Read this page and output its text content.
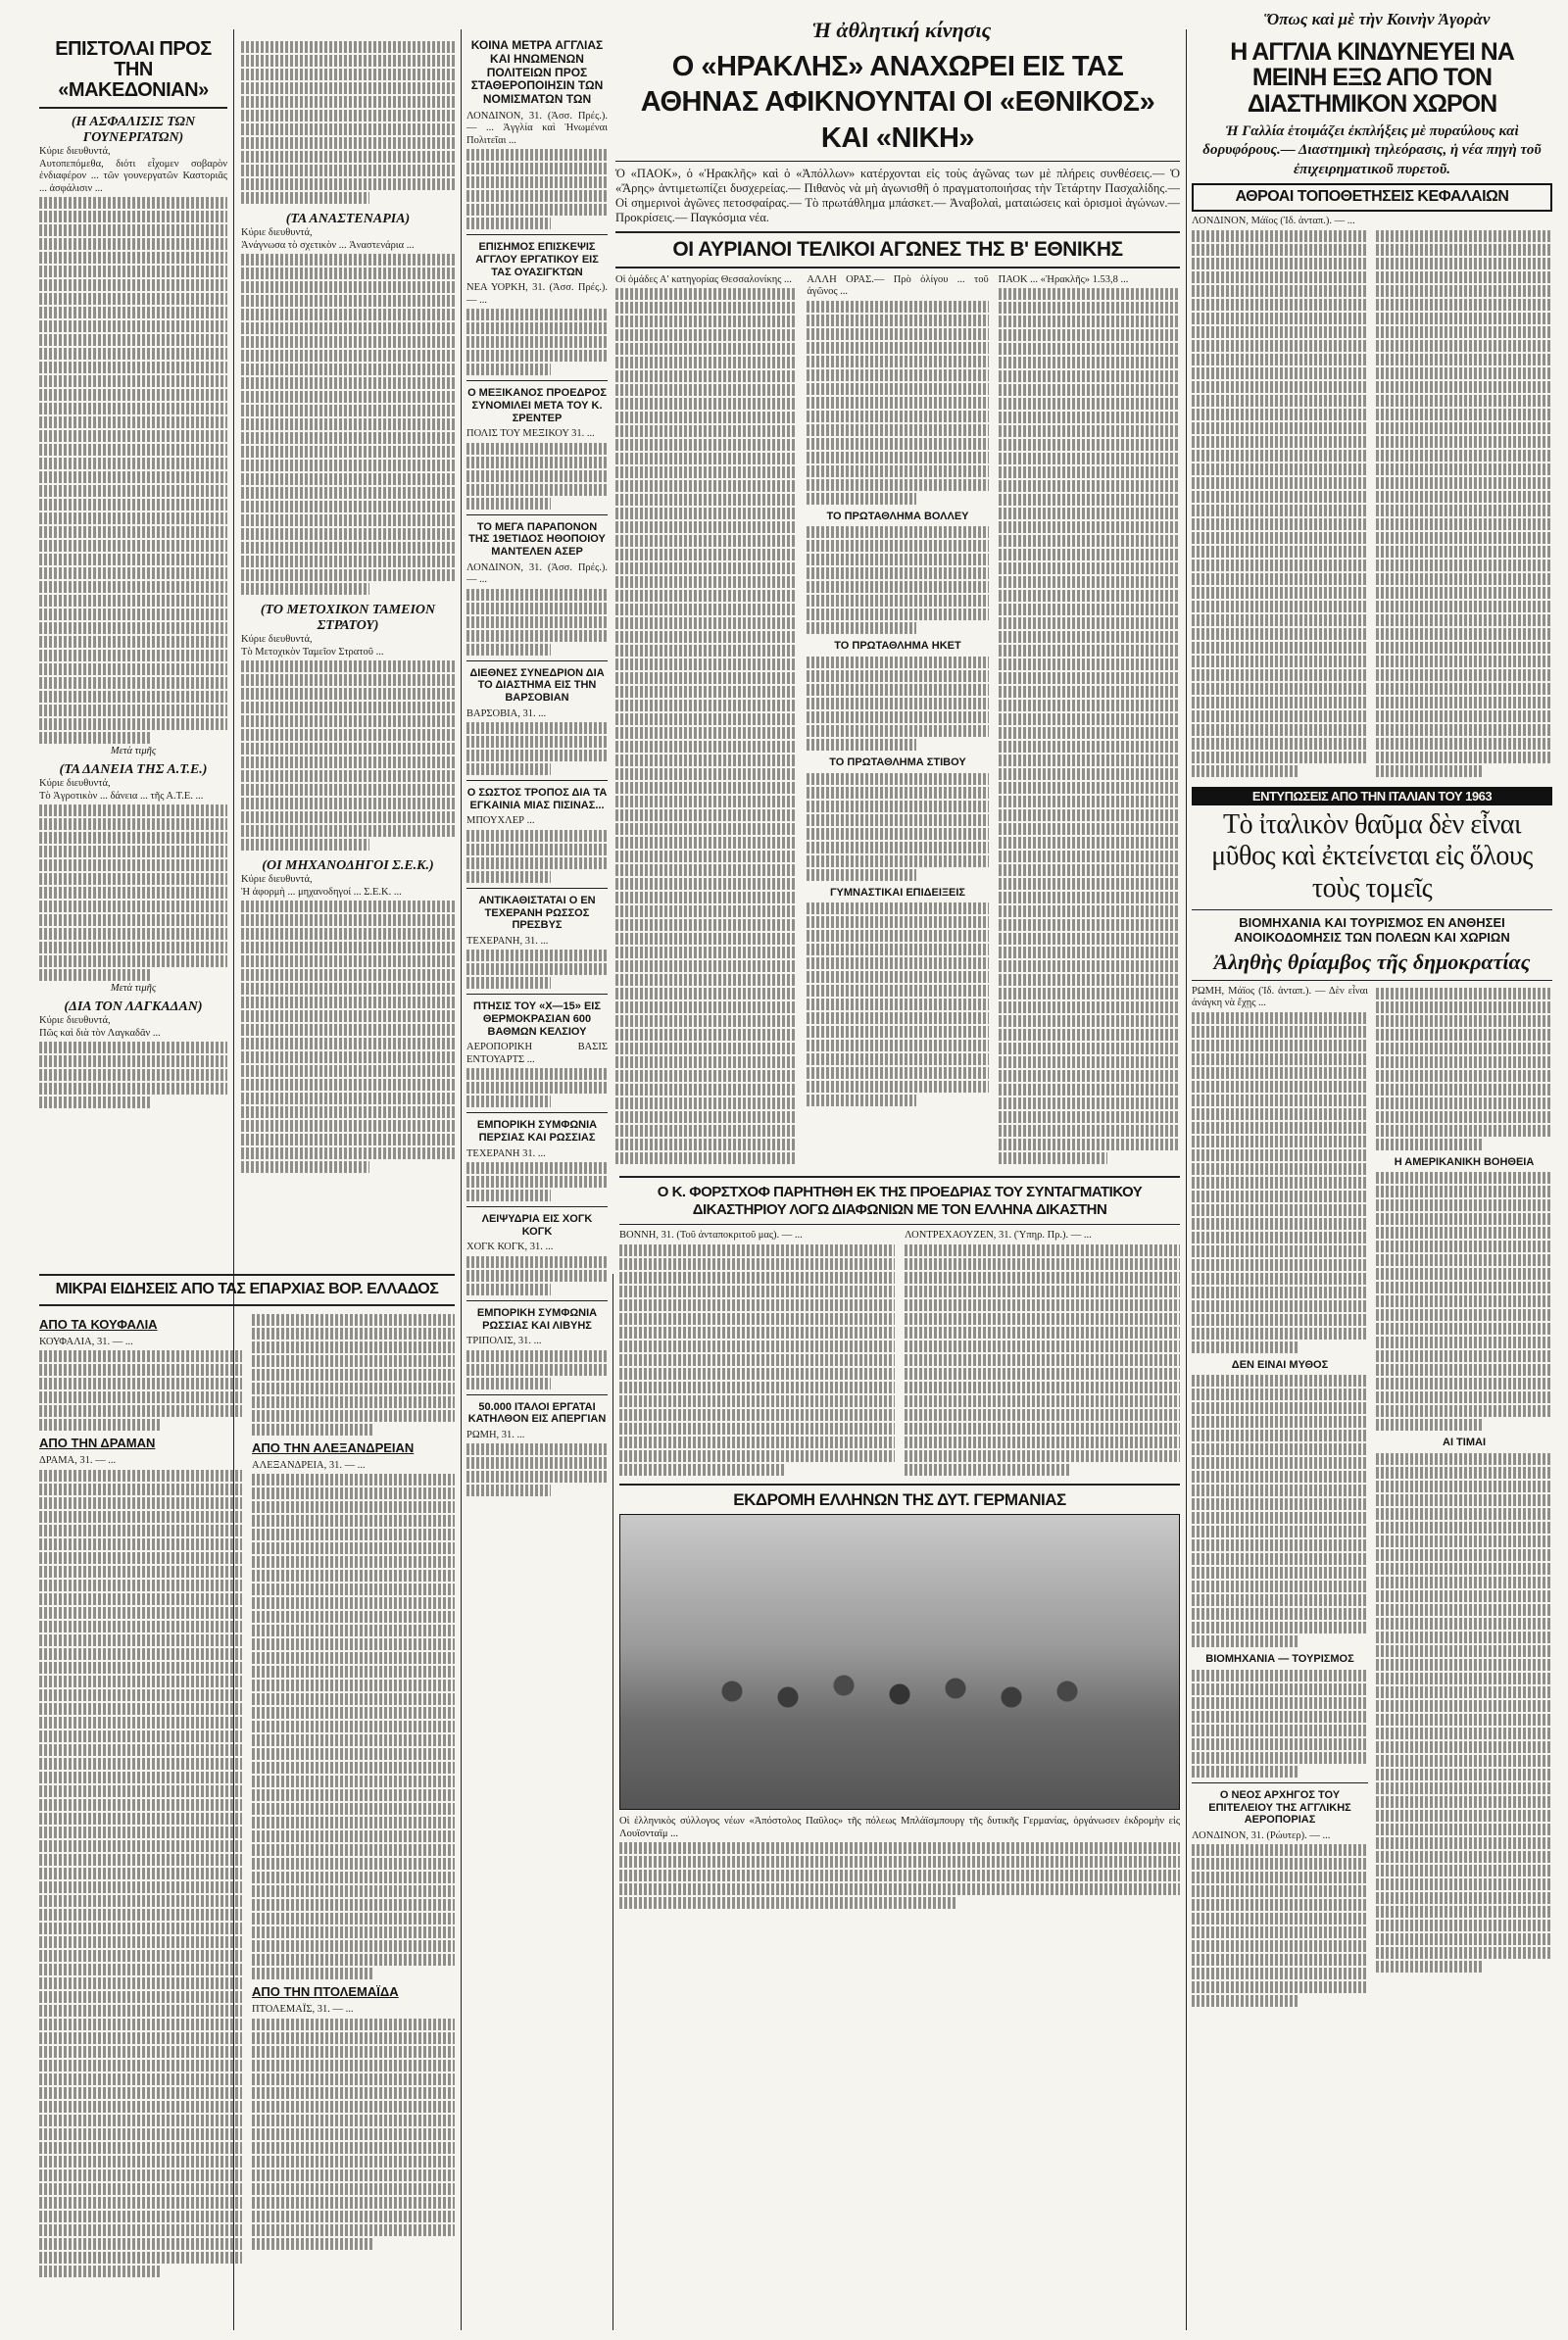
Ἡ ἀθλητική κίνησις	Ὅπως καὶ μὲ τὴν Κοινὴν Ἀγορὰν
ΕΠΙΣΤΟΛΑΙ ΠΡΟΣ ΤΗΝ «ΜΑΚΕΔΟΝΙΑΝ»
(Η ΑΣΦΑΛΙΣΙΣ ΤΩΝ ΓΟΥΝΕΡΓΑΤΩΝ)
Κύριε διευθυντά,
Αυτοπεπόμεθα, διότι εἶχομεν σοβαρὸν ἐνδιαφέρον ... τῶν γουνεργατῶν Καστοριᾶς ... ἀσφάλισιν ...
Μετὰ τιμῆς
(ΤΑ ΔΑΝΕΙΑ ΤΗΣ Α.Τ.Ε.)
Κύριε διευθυντά,
Τὸ Ἀγροτικὸν ... δάνεια ... τῆς Α.Τ.Ε. ...
Μετὰ τιμῆς
(ΔΙΑ ΤΟΝ ΛΑΓΚΑΔΑΝ)
Κύριε διευθυντά,
Πῶς καὶ διὰ τὸν Λαγκαδᾶν ...
(ΤΑ ΑΝΑΣΤΕΝΑΡΙΑ)
Κύριε διευθυντά,
Ἀνάγνωσα τὸ σχετικὸν ... Ἀναστενάρια ...
(ΤΟ ΜΕΤΟΧΙΚΟΝ ΤΑΜΕΙΟΝ ΣΤΡΑΤΟΥ)
Κύριε διευθυντά,
Τὸ Μετοχικὸν Ταμεῖον Στρατοῦ ...
(ΟΙ ΜΗΧΑΝΟΔΗΓΟΙ Σ.Ε.Κ.)
Κύριε διευθυντά,
Ἡ ἀφορμὴ ... μηχανοδηγοί ... Σ.Ε.Κ. ...
ΚΟΙΝΑ ΜΕΤΡΑ ΑΓΓΛΙΑΣ ΚΑΙ ΗΝΩΜΕΝΩΝ ΠΟΛΙΤΕΙΩΝ ΠΡΟΣ ΣΤΑΘΕΡΟΠΟΙΗΣΙΝ ΤΩΝ ΝΟΜΙΣΜΑΤΩΝ ΤΩΝ
ΛΟΝΔΙΝΟΝ, 31. (Ἀσσ. Πρές.). — ... Ἀγγλία καὶ Ἡνωμέναι Πολιτεῖαι ...
ΕΠΙΣΗΜΟΣ ΕΠΙΣΚΕΨΙΣ ΑΓΓΛΟΥ ΕΡΓΑΤΙΚΟΥ ΕΙΣ ΤΑΣ ΟΥΑΣΙΓΚΤΩΝ
ΝΕΑ ΥΟΡΚΗ, 31. (Ἀσσ. Πρές.). — ...
Ο ΜΕΞΙΚΑΝΟΣ ΠΡΟΕΔΡΟΣ ΣΥΝΟΜΙΛΕΙ ΜΕΤΑ ΤΟΥ Κ. ΣΡΕΝΤΕΡ
ΠΟΛΙΣ ΤΟΥ ΜΕΞΙΚΟΥ 31. ...
ΤΟ ΜΕΓΑ ΠΑΡΑΠΟΝΟΝ ΤΗΣ 19ΕΤΙΔΟΣ ΗΘΟΠΟΙΟΥ ΜΑΝΤΕΛΕΝ ΑΣΕΡ
ΛΟΝΔΙΝΟΝ, 31. (Ἀσσ. Πρές.). — ...
ΔΙΕΘΝΕΣ ΣΥΝΕΔΡΙΟΝ ΔΙΑ ΤΟ ΔΙΑΣΤΗΜΑ ΕΙΣ ΤΗΝ ΒΑΡΣΟΒΙΑΝ
ΒΑΡΣΟΒΙΑ, 31. ...
Ο ΣΩΣΤΟΣ ΤΡΟΠΟΣ ΔΙΑ ΤΑ ΕΓΚΑΙΝΙΑ ΜΙΑΣ ΠΙΣΙΝΑΣ...
ΜΠΟΥΧΛΕΡ ...
ΑΝΤΙΚΑΘΙΣΤΑΤΑΙ Ο ΕΝ ΤΕΧΕΡΑΝΗ ΡΩΣΣΟΣ ΠΡΕΣΒΥΣ
ΤΕΧΕΡΑΝΗ, 31. ...
ΠΤΗΣΙΣ ΤΟΥ «Χ—15» ΕΙΣ ΘΕΡΜΟΚΡΑΣΙΑΝ 600 ΒΑΘΜΩΝ ΚΕΛΣΙΟΥ
ΑΕΡΟΠΟΡΙΚΗ ΒΑΣΙΣ ΕΝΤΟΥΑΡΤΣ ...
ΕΜΠΟΡΙΚΗ ΣΥΜΦΩΝΙΑ ΠΕΡΣΙΑΣ ΚΑΙ ΡΩΣΣΙΑΣ
ΤΕΧΕΡΑΝΗ 31. ...
ΛΕΙΨΥΔΡΙΑ ΕΙΣ ΧΟΓΚ ΚΟΓΚ
ΧΟΓΚ ΚΟΓΚ, 31. ...
ΕΜΠΟΡΙΚΗ ΣΥΜΦΩΝΙΑ ΡΩΣΣΙΑΣ ΚΑΙ ΛΙΒΥΗΣ
ΤΡΙΠΟΛΙΣ, 31. ...
50.000 ΙΤΑΛΟΙ ΕΡΓΑΤΑΙ ΚΑΤΗΛΘΟΝ ΕΙΣ ΑΠΕΡΓΙΑΝ
ΡΩΜΗ, 31. ...
ΜΙΚΡΑΙ ΕΙΔΗΣΕΙΣ ΑΠΟ ΤΑΣ ΕΠΑΡΧΙΑΣ ΒΟΡ. ΕΛΛΑΔΟΣ
ΑΠΟ ΤΑ ΚΟΥΦΑΛΙΑ
ΚΟΥΦΑΛΙΑ, 31. — ...
ΑΠΟ ΤΗΝ ΔΡΑΜΑΝ
ΔΡΑΜΑ, 31. — ...
ΑΠΟ ΤΗΝ ΑΛΕΞΑΝΔΡΕΙΑΝ
ΑΛΕΞΑΝΔΡΕΙΑ, 31. — ...
ΑΠΟ ΤΗΝ ΠΤΟΛΕΜΑΪΔΑ
ΠΤΟΛΕΜΑΪΣ, 31. — ...
Ο «ΗΡΑΚΛΗΣ» ΑΝΑΧΩΡΕΙ ΕΙΣ ΤΑΣ ΑΘΗΝΑΣ ΑΦΙΚΝΟΥΝΤΑΙ ΟΙ «ΕΘΝΙΚΟΣ» ΚΑΙ «ΝΙΚΗ»
Ὁ «ΠΑΟΚ», ὁ «Ἡρακλῆς» καὶ ὁ «Ἀπόλλων» κατέρχονται εἰς τοὺς ἀγῶνας των μὲ πλήρεις συνθέσεις.— Ὁ «Ἄρης» ἀντιμετωπίζει δυσχερείας.— Πιθανὸς νὰ μὴ ἀγωνισθῆ ὁ πραγματοποιήσας τὴν Τετάρτην Πασχαλίδης.— Οἱ σημερινοὶ ἀγῶνες πετοσφαίρας.— Τὸ πρωτάθλημα μπάσκετ.— Ἀναβολαὶ, ματαιώσεις καὶ ὁρισμοὶ ἀγώνων.— Προκρίσεις.— Παγκόσμια νέα.
ΟΙ ΑΥΡΙΑΝΟΙ ΤΕΛΙΚΟΙ ΑΓΩΝΕΣ ΤΗΣ Β' ΕΘΝΙΚΗΣ
Οἱ ὁμάδες Α' κατηγορίας Θεσσαλονίκης ...	ΑΛΛΗ ΟΡΑΣ.— Πρὸ ὀλίγου ... τοῦ ἀγῶνος ...
ΤΟ ΠΡΩΤΑΘΛΗΜΑ ΒΟΛΛΕΥ
ΤΟ ΠΡΩΤΑΘΛΗΜΑ ΗΚΕΤ
ΤΟ ΠΡΩΤΑΘΛΗΜΑ ΣΤΙΒΟΥ
ΓΥΜΝΑΣΤΙΚΑΙ ΕΠΙΔΕΙΞΕΙΣ
ΠΑΟΚ ... «Ἡρακλῆς» 1.53,8 ...
Ο Κ. ΦΟΡΣΤΧΟΦ ΠΑΡΗΤΗΘΗ ΕΚ ΤΗΣ ΠΡΟΕΔΡΙΑΣ ΤΟΥ ΣΥΝΤΑΓΜΑΤΙΚΟΥ ΔΙΚΑΣΤΗΡΙΟΥ ΛΟΓΩ ΔΙΑΦΩΝΙΩΝ ΜΕ ΤΟΝ ΕΛΛΗΝΑ ΔΙΚΑΣΤΗΝ
ΒΟΝΝΗ, 31. (Τοῦ ἀνταποκριτοῦ μας). — ...	ΛΟΝΤΡΕΧΑΟΥΖΕΝ, 31. (Ὑπηρ. Πρ.). — ...
ΕΚΔΡΟΜΗ ΕΛΛΗΝΩΝ ΤΗΣ ΔΥΤ. ΓΕΡΜΑΝΙΑΣ
Οἱ ἐλληνικὸς σύλλογος νέων «Ἀπόστολος Παῦλος» τῆς πόλεως Μπλάϊσμπουργ τῆς δυτικῆς Γερμανίας, ὀργάνωσεν ἐκδρομὴν εἰς Λουϊσνταϊμ ...
Η ΑΓΓΛΙΑ ΚΙΝΔΥΝΕΥΕΙ ΝΑ ΜΕΙΝΗ ΕΞΩ ΑΠΟ ΤΟΝ ΔΙΑΣΤΗΜΙΚΟΝ ΧΩΡΟΝ
Ἡ Γαλλία ἑτοιμάζει ἐκπλήξεις μὲ πυραύλους καὶ δορυφόρους.— Διαστημικὴ τηλεόρασις, ἡ νέα πηγὴ τοῦ ἐπιχειρηματικοῦ πυρετοῦ.
ΑΘΡΟΑΙ ΤΟΠΟΘΕΤΗΣΕΙΣ ΚΕΦΑΛΑΙΩΝ
ΛΟΝΔΙΝΟΝ, Μάϊος (Ἰδ. ἀνταπ.). — ...
ΕΝΤΥΠΩΣΕΙΣ ΑΠΟ ΤΗΝ ΙΤΑΛΙΑΝ ΤΟΥ 1963
Τὸ ἰταλικὸν θαῦμα δὲν εἶναι μῦθος καὶ ἐκτείνεται εἰς ὅλους τοὺς τομεῖς
ΒΙΟΜΗΧΑΝΙΑ ΚΑΙ ΤΟΥΡΙΣΜΟΣ ΕΝ ΑΝΘΗΣΕΙ ΑΝΟΙΚΟΔΟΜΗΣΙΣ ΤΩΝ ΠΟΛΕΩΝ ΚΑΙ ΧΩΡΙΩΝ
Ἀληθὴς θρίαμβος τῆς δημοκρατίας
ΡΩΜΗ, Μάϊος (Ἰδ. ἀνταπ.). — Δὲν εἶναι ἀνάγκη νὰ ἔχῃς ...
ΔΕΝ ΕΙΝΑΙ ΜΥΘΟΣ
ΒΙΟΜΗΧΑΝΙΑ — ΤΟΥΡΙΣΜΟΣ
Ο ΝΕΟΣ ΑΡΧΗΓΟΣ ΤΟΥ ΕΠΙΤΕΛΕΙΟΥ ΤΗΣ ΑΓΓΛΙΚΗΣ ΑΕΡΟΠΟΡΙΑΣ
ΛΟΝΔΙΝΟΝ, 31. (Ρώυτερ). — ...
Η ΑΜΕΡΙΚΑΝΙΚΗ ΒΟΗΘΕΙΑ
ΑΙ ΤΙΜΑΙ
